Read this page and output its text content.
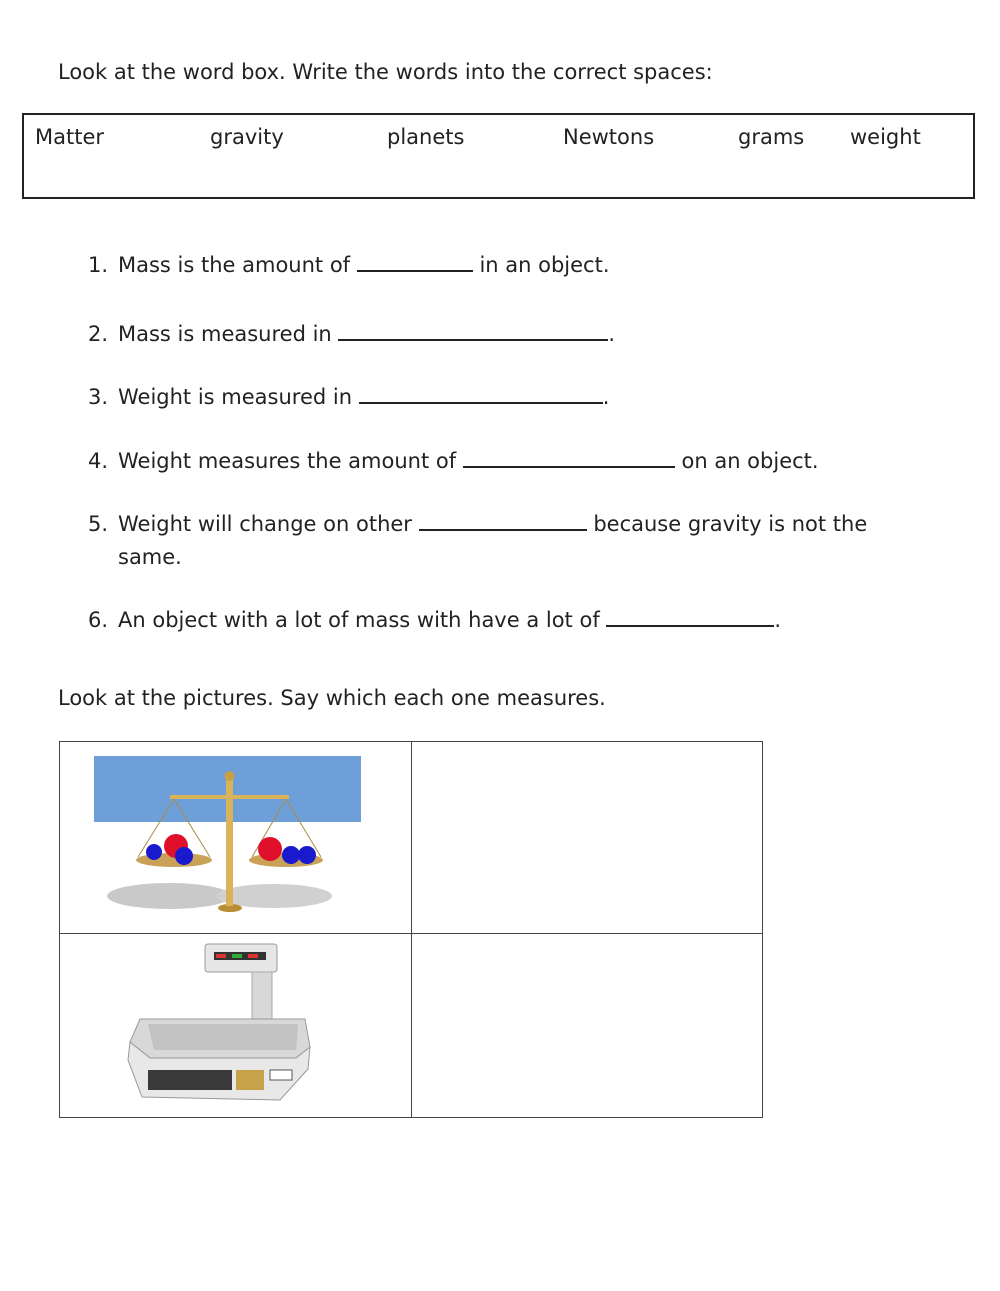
Look at the word box. Write the words into the correct spaces:
Matter	gravity	planets	Newtons	grams weight
1. Mass is the amount of	in an object.
2. Mass is measured in	.
3. Weight is measured in	.
4. Weight measures the amount of	on an object.
5. Weight will change on other	because gravity is not the same.
6. An object with a lot of mass with have a lot of	.
Look at the pictures. Say which each one measures.
